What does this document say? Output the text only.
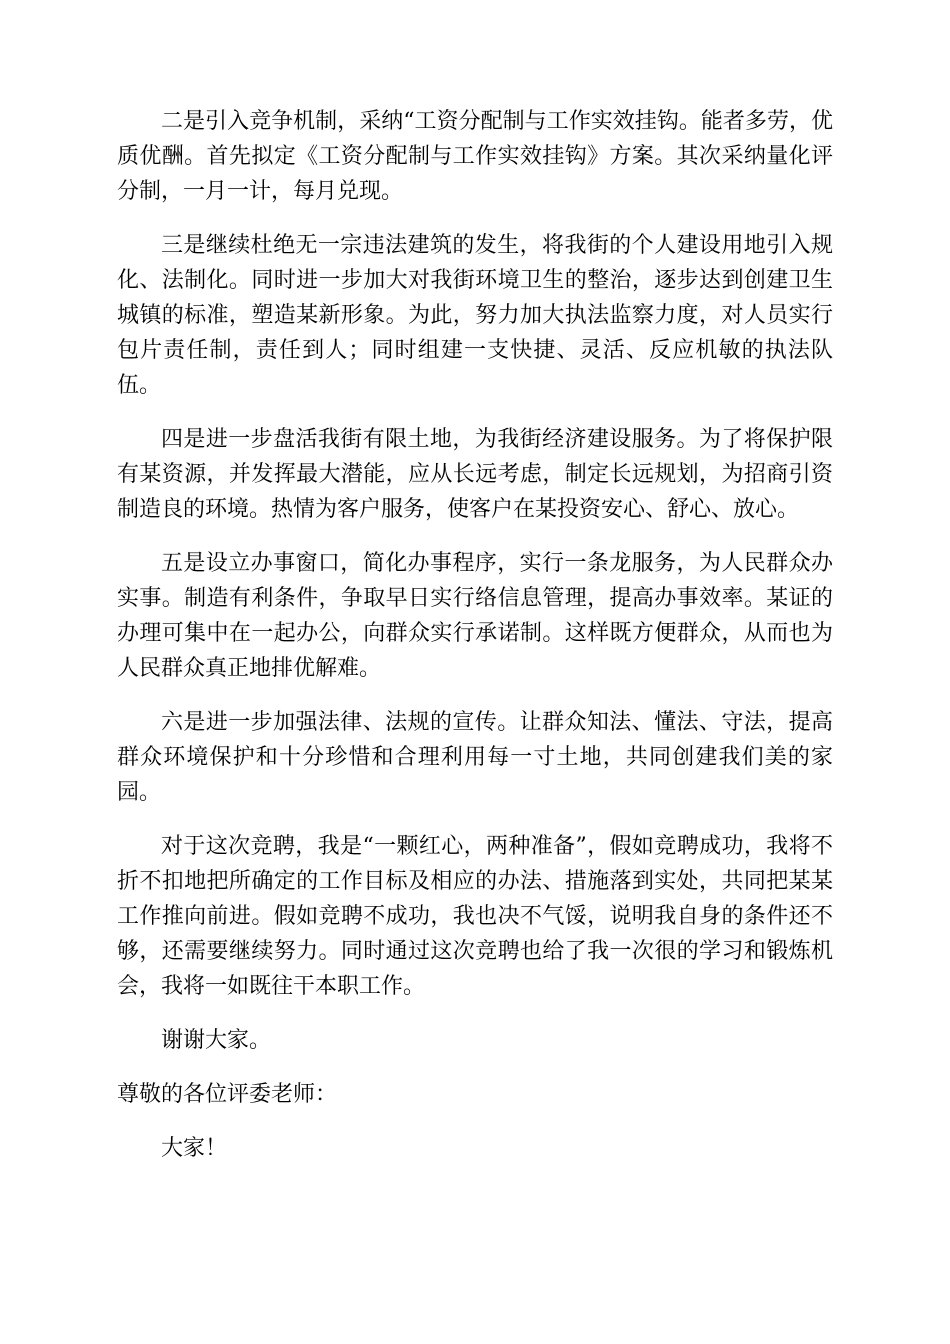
二是引入竞争机制，采纳“工资分配制与工作实效挂钩。能者多劳，优质优酬。首先拟定《工资分配制与工作实效挂钩》方案。其次采纳量化评分制，一月一计，每月兑现。

三是继续杜绝无一宗违法建筑的发生，将我街的个人建设用地引入规化、法制化。同时进一步加大对我街环境卫生的整治，逐步达到创建卫生城镇的标准，塑造某新形象。为此，努力加大执法监察力度，对人员实行包片责任制，责任到人；同时组建一支快捷、灵活、反应机敏的执法队伍。

四是进一步盘活我街有限土地，为我街经济建设服务。为了将保护限有某资源，并发挥最大潜能，应从长远考虑，制定长远规划，为招商引资制造良的环境。热情为客户服务，使客户在某投资安心、舒心、放心。

五是设立办事窗口，简化办事程序，实行一条龙服务，为人民群众办实事。制造有利条件，争取早日实行络信息管理，提高办事效率。某证的办理可集中在一起办公，向群众实行承诺制。这样既方便群众，从而也为人民群众真正地排优解难。

六是进一步加强法律、法规的宣传。让群众知法、懂法、守法，提高群众环境保护和十分珍惜和合理利用每一寸土地，共同创建我们美的家园。

对于这次竞聘，我是“一颗红心，两种准备”，假如竞聘成功，我将不折不扣地把所确定的工作目标及相应的办法、措施落到实处，共同把某某工作推向前进。假如竞聘不成功，我也决不气馁，说明我自身的条件还不够，还需要继续努力。同时通过这次竞聘也给了我一次很的学习和锻炼机会，我将一如既往干本职工作。

谢谢大家。

尊敬的各位评委老师：

大家！
